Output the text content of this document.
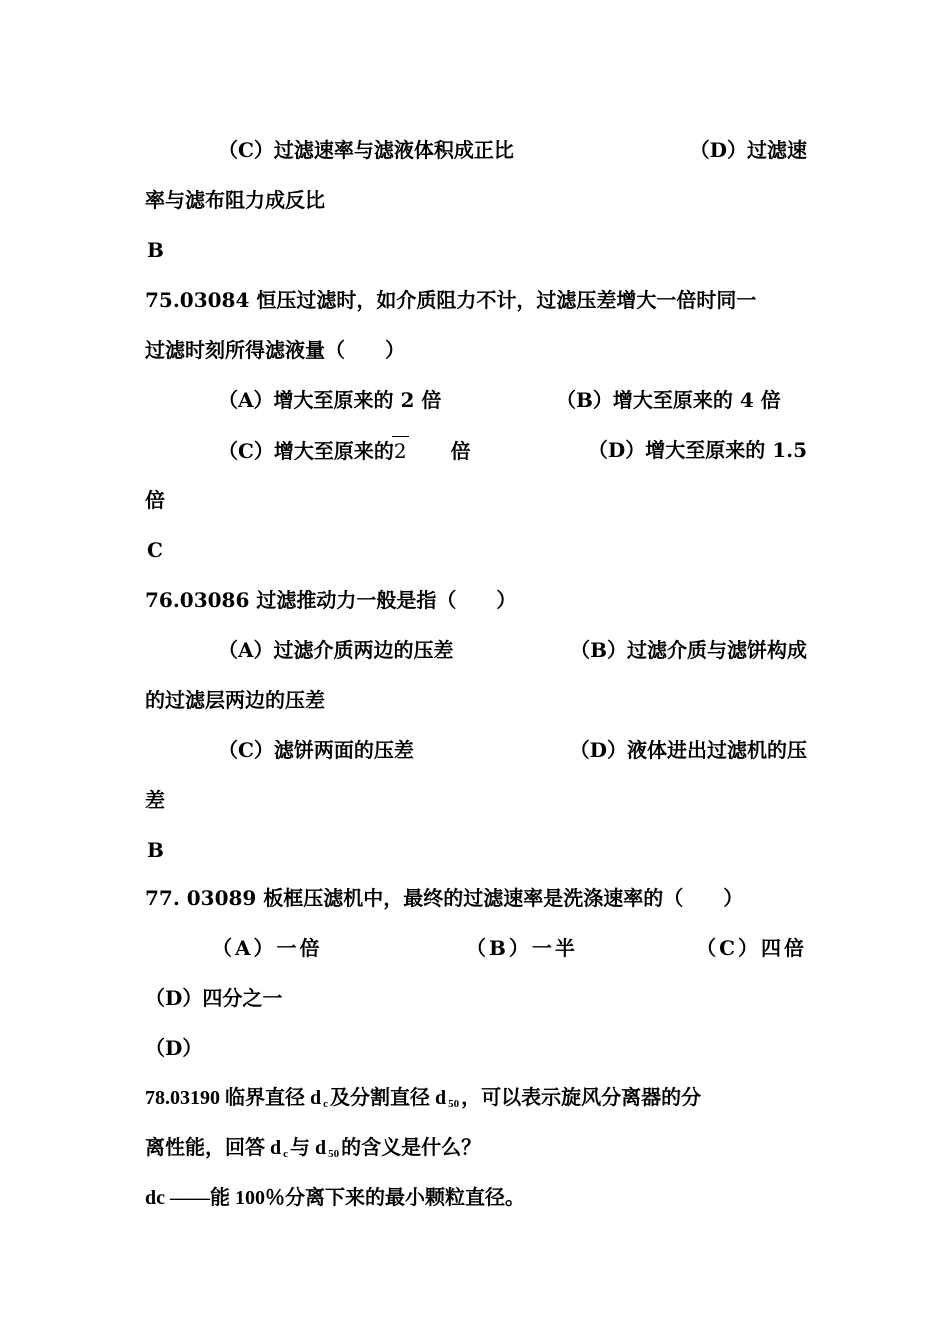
（C）过滤速率与滤液体积成正比	（D）过滤速
率与滤布阻力成反比
B
75.03084 恒压过滤时，如介质阻力不计，过滤压差增大一倍时同一
过滤时刻所得滤液量（　　）
（A）增大至原来的 2 倍	（B）增大至原来的 4 倍
（C）增大至原来的2 倍	（D）增大至原来的 1.5
倍
C
76.03086 过滤推动力一般是指（　　）
（A）过滤介质两边的压差	（B）过滤介质与滤饼构成
的过滤层两边的压差
（C）滤饼两面的压差	（D）液体进出过滤机的压
差
B
77. 03089 板框压滤机中，最终的过滤速率是洗涤速率的（　　）
（A）一倍	（B）一半	（C）四倍
（D）四分之一
（D）
78.03190 临界直径 d $_c$ 及分割直径 d $_{50}$ ，可以表示旋风分离器的分
离性能，回答 d $_c$ 与 d $_{50}$ 的含义是什么？
dc ——能 100％分离下来的最小颗粒直径。
